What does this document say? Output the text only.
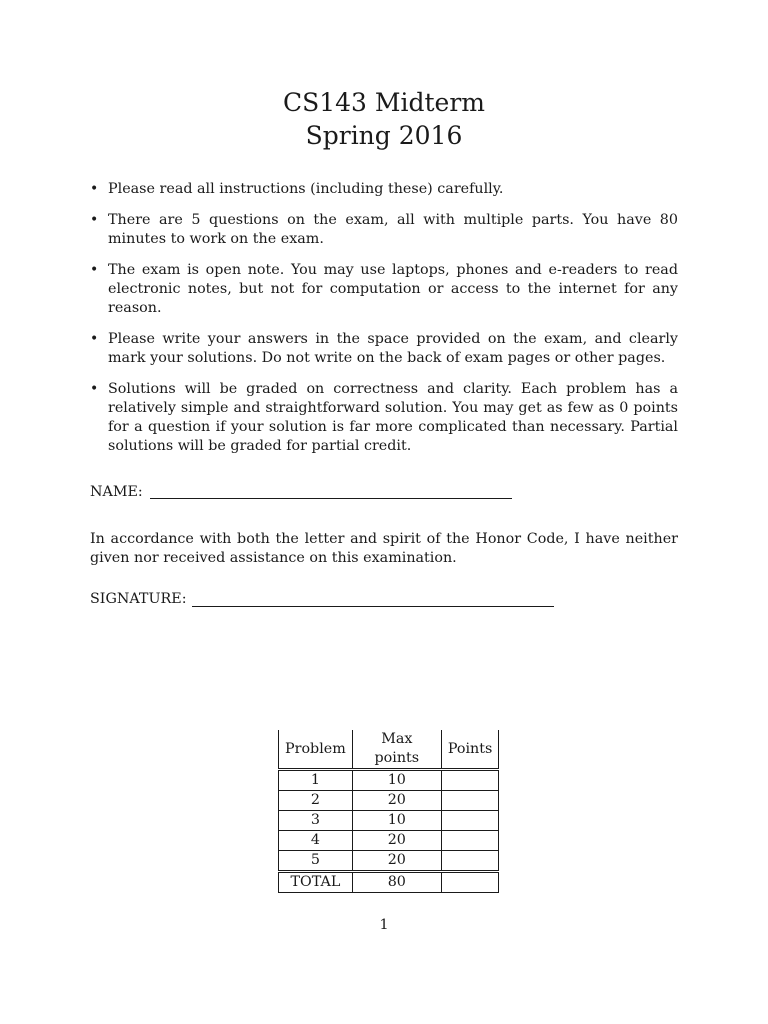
CS143 Midterm
Spring 2016
• Please read all instructions (including these) carefully.
• There are 5 questions on the exam, all with multiple parts. You have 80 minutes to work on the exam.
• The exam is open note. You may use laptops, phones and e-readers to read electronic notes, but not for computation or access to the internet for any reason.
• Please write your answers in the space provided on the exam, and clearly mark your solutions. Do not write on the back of exam pages or other pages.
• Solutions will be graded on correctness and clarity. Each problem has a relatively simple and straightforward solution. You may get as few as 0 points for a question if your solution is far more complicated than necessary. Partial solutions will be graded for partial credit.
NAME:
In accordance with both the letter and spirit of the Honor Code, I have neither given nor received assistance on this examination.
SIGNATURE:
Problem	Max points	Points
1	10	
2	20	
3	10	
4	20	
5	20	
TOTAL	80	
1
